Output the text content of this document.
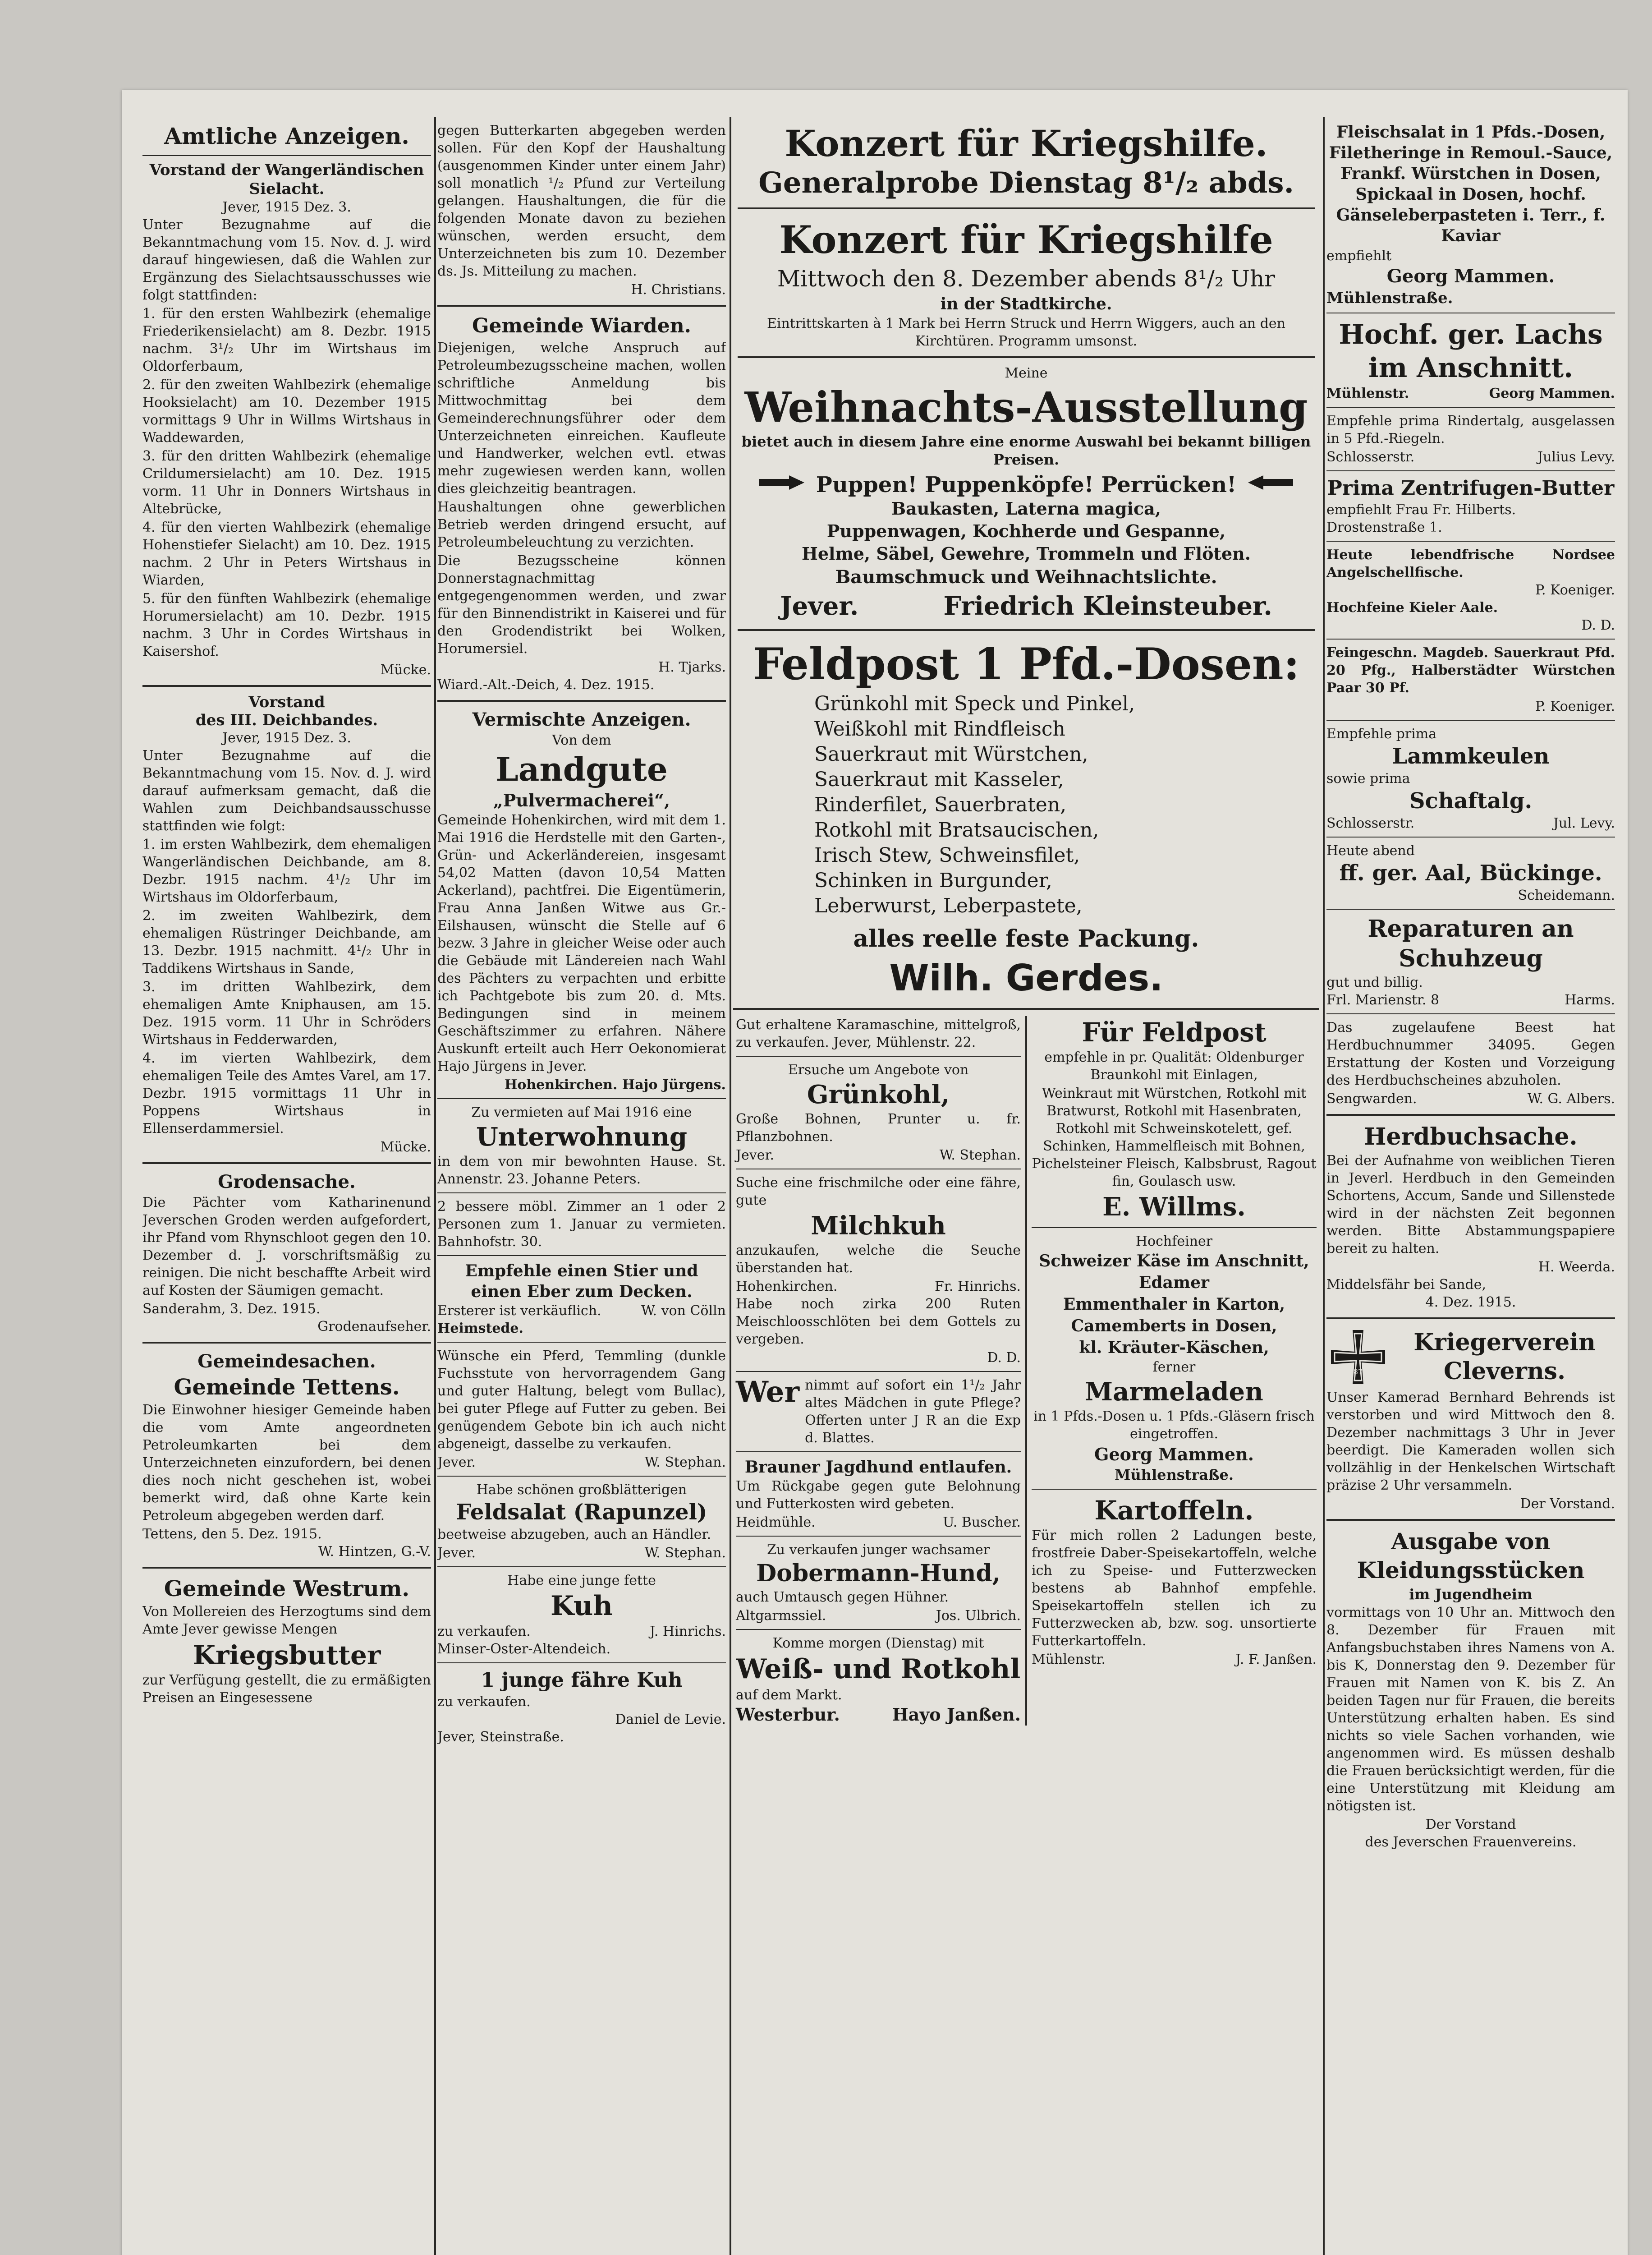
Amtliche Anzeigen.
Vorstand der Wangerländischen Sielacht.
Jever, 1915 Dez. 3.

Unter Bezugnahme auf die Bekanntmachung vom 15. Nov. d. J. wird darauf hingewiesen, daß die Wahlen zur Ergänzung des Sielachtsausschusses wie folgt stattfinden:

1. für den ersten Wahlbezirk (ehemalige Friederikensielacht) am 8. Dezbr. 1915 nachm. 3¹/₂ Uhr im Wirtshaus im Oldorferbaum,

2. für den zweiten Wahlbezirk (ehemalige Hooksielacht) am 10. Dezember 1915 vormittags 9 Uhr in Willms Wirtshaus in Waddewarden,

3. für den dritten Wahlbezirk (ehemalige Crildumersielacht) am 10. Dez. 1915 vorm. 11 Uhr in Donners Wirtshaus in Altebrücke,

4. für den vierten Wahlbezirk (ehemalige Hohenstiefer Sielacht) am 10. Dez. 1915 nachm. 2 Uhr in Peters Wirtshaus in Wiarden,

5. für den fünften Wahlbezirk (ehemalige Horumersielacht) am 10. Dezbr. 1915 nachm. 3 Uhr in Cordes Wirtshaus in Kaisershof.

Mücke.
Vorstand
des III. Deichbandes.
Jever, 1915 Dez. 3.

Unter Bezugnahme auf die Bekanntmachung vom 15. Nov. d. J. wird darauf aufmerksam gemacht, daß die Wahlen zum Deichbandsausschusse stattfinden wie folgt:

1. im ersten Wahlbezirk, dem ehemaligen Wangerländischen Deichbande, am 8. Dezbr. 1915 nachm. 4¹/₂ Uhr im Wirtshaus im Oldorferbaum,

2. im zweiten Wahlbezirk, dem ehemaligen Rüstringer Deichbande, am 13. Dezbr. 1915 nachmitt. 4¹/₂ Uhr in Taddikens Wirtshaus in Sande,

3. im dritten Wahlbezirk, dem ehemaligen Amte Kniphausen, am 15. Dez. 1915 vorm. 11 Uhr in Schröders Wirtshaus in Fedderwarden,

4. im vierten Wahlbezirk, dem ehemaligen Teile des Amtes Varel, am 17. Dezbr. 1915 vormittags 11 Uhr in Poppens Wirtshaus in Ellenserdammersiel.

Mücke.
Grodensache.

Die Pächter vom Katharinenund Jeverschen Groden werden aufgefordert, ihr Pfand vom Rhynschloot gegen den 10. Dezember d. J. vorschriftsmäßig zu reinigen. Die nicht beschaffte Arbeit wird auf Kosten der Säumigen gemacht.

Sanderahm, 3. Dez. 1915.
Grodenaufseher.
Gemeindesachen.
Gemeinde Tettens.

Die Einwohner hiesiger Gemeinde haben die vom Amte angeordneten Petroleumkarten bei dem Unterzeichneten einzufordern, bei denen dies noch nicht geschehen ist, wobei bemerkt wird, daß ohne Karte kein Petroleum abgegeben werden darf.

Tettens, den 5. Dez. 1915.
W. Hintzen, G.-V.
Gemeinde Westrum.

Von Mollereien des Herzogtums sind dem Amte Jever gewisse Mengen

Kriegsbutter

zur Verfügung gestellt, die zu ermäßigten Preisen an Eingesessene

gegen Butterkarten abgegeben werden sollen. Für den Kopf der Haushaltung (ausgenommen Kinder unter einem Jahr) soll monatlich ¹/₂ Pfund zur Verteilung gelangen. Haushaltungen, die für die folgenden Monate davon zu beziehen wünschen, werden ersucht, dem Unterzeichneten bis zum 10. Dezember ds. Js. Mitteilung zu machen.

H. Christians.
Gemeinde Wiarden.

Diejenigen, welche Anspruch auf Petroleumbezugsscheine machen, wollen schriftliche Anmeldung bis Mittwochmittag bei dem Gemeinderechnungsführer oder dem Unterzeichneten einreichen. Kaufleute und Handwerker, welchen evtl. etwas mehr zugewiesen werden kann, wollen dies gleichzeitig beantragen.

Haushaltungen ohne gewerblichen Betrieb werden dringend ersucht, auf Petroleumbeleuchtung zu verzichten.

Die Bezugsscheine können Donnerstagnachmittag entgegengenommen werden, und zwar für den Binnendistrikt in Kaiserei und für den Grodendistrikt bei Wolken, Horumersiel.

H. Tjarks.
Wiard.-Alt.-Deich, 4. Dez. 1915.
Vermischte Anzeigen.
Von dem
Landgute
„Pulvermacherei“,

Gemeinde Hohenkirchen, wird mit dem 1. Mai 1916 die Herdstelle mit den Garten-, Grün- und Ackerländereien, insgesamt 54,02 Matten (davon 10,54 Matten Ackerland), pachtfrei. Die Eigentümerin, Frau Anna Janßen Witwe aus Gr.-Eilshausen, wünscht die Stelle auf 6 bezw. 3 Jahre in gleicher Weise oder auch die Gebäude mit Ländereien nach Wahl des Pächters zu verpachten und erbitte ich Pachtgebote bis zum 20. d. Mts. Bedingungen sind in meinem Geschäftszimmer zu erfahren. Nähere Auskunft erteilt auch Herr Oekonomierat Hajo Jürgens in Jever.

Hohenkirchen. Hajo Jürgens.
Zu vermieten auf Mai 1916 eine
Unterwohnung

in dem von mir bewohnten Hause. St. Annenstr. 23. Johanne Peters.

2 bessere möbl. Zimmer an 1 oder 2 Personen zum 1. Januar zu vermieten. Bahnhofstr. 30.

Empfehle einen Stier und einen Eber zum Decken.
Ersterer ist verkäuflich.	W. von Cölln
Heimstede.

Wünsche ein Pferd, Temmling (dunkle Fuchsstute von hervorragendem Gang und guter Haltung, belegt vom Bullac), bei guter Pflege auf Futter zu geben. Bei genügendem Gebote bin ich auch nicht abgeneigt, dasselbe zu verkaufen.

Jever.	W. Stephan.
Habe schönen großblätterigen
Feldsalat (Rapunzel)

beetweise abzugeben, auch an Händler.

Jever.	W. Stephan.
Habe eine junge fette
Kuh
zu verkaufen.	J. Hinrichs.
Minser-Oster-Altendeich.
1 junge fähre Kuh
zu verkaufen.
Daniel de Levie.
Jever, Steinstraße.
Konzert für Kriegshilfe.
Generalprobe Dienstag 8¹/₂ abds.
Konzert für Kriegshilfe
Mittwoch den 8. Dezember abends 8¹/₂ Uhr
in der Stadtkirche.
Eintrittskarten à 1 Mark bei Herrn Struck und Herrn Wiggers, auch an den Kirchtüren. Programm umsonst.
Meine
Weihnachts-Ausstellung
bietet auch in diesem Jahre eine enorme Auswahl bei bekannt billigen Preisen.
Puppen! Puppenköpfe! Perrücken!
Baukasten, Laterna magica,
Puppenwagen, Kochherde und Gespanne,
Helme, Säbel, Gewehre, Trommeln und Flöten.
Baumschmuck und Weihnachtslichte.
Jever.	Friedrich Kleinsteuber.
Feldpost 1 Pfd.-Dosen:
Grünkohl mit Speck und Pinkel,
Weißkohl mit Rindfleisch
Sauerkraut mit Würstchen,
Sauerkraut mit Kasseler,
Rinderfilet, Sauerbraten,
Rotkohl mit Bratsaucischen,
Irisch Stew, Schweinsfilet,
Schinken in Burgunder,
Leberwurst, Leberpastete,
alles reelle feste Packung.
Wilh. Gerdes.

Gut erhaltene Karamaschine, mittelgroß, zu verkaufen. Jever, Mühlenstr. 22.

Ersuche um Angebote von
Grünkohl,

Große Bohnen, Prunter u. fr. Pflanzbohnen.

Jever.	W. Stephan.

Suche eine frischmilche oder eine fähre, gute

Milchkuh

anzukaufen, welche die Seuche überstanden hat.

Hohenkirchen.	Fr. Hinrichs.

Habe noch zirka 200 Ruten Meischloosschlöten bei dem Gottels zu vergeben.

D. D.
Wer nimmt auf sofort ein 1¹/₂ Jahr altes Mädchen in gute Pflege? Offerten unter J R an die Exp d. Blattes.
Brauner Jagdhund entlaufen.

Um Rückgabe gegen gute Belohnung und Futterkosten wird gebeten.

Heidmühle.	U. Buscher.
Zu verkaufen junger wachsamer
Dobermann-Hund,

auch Umtausch gegen Hühner.

Altgarmssiel.	Jos. Ulbrich.
Komme morgen (Dienstag) mit
Weiß- und Rotkohl
auf dem Markt.
Westerbur.	Hayo Janßen.
Für Feldpost

empfehle in pr. Qualität: Oldenburger Braunkohl mit Einlagen,

Weinkraut mit Würstchen, Rotkohl mit Bratwurst, Rotkohl mit Hasenbraten, Rotkohl mit Schweinskotelett, gef. Schinken, Hammelfleisch mit Bohnen, Pichelsteiner Fleisch, Kalbsbrust, Ragout fin, Goulasch usw.

E. Willms.
Hochfeiner
Schweizer Käse im Anschnitt,
Edamer
Emmenthaler in Karton,
Camemberts in Dosen,
kl. Kräuter-Käschen,
ferner
Marmeladen

in 1 Pfds.-Dosen u. 1 Pfds.-Gläsern frisch eingetroffen.

Georg Mammen.
Mühlenstraße.
Kartoffeln.

Für mich rollen 2 Ladungen beste, frostfreie Daber-Speisekartoffeln, welche ich zu Speise- und Futterzwecken bestens ab Bahnhof empfehle. Speisekartoffeln stellen ich zu Futterzwecken ab, bzw. sog. unsortierte Futterkartoffeln.

Mühlenstr.	J. F. Janßen.

Fleischsalat in 1 Pfds.-Dosen, Filetheringe in Remoul.-Sauce, Frankf. Würstchen in Dosen, Spickaal in Dosen, hochf. Gänseleberpasteten i. Terr., f. Kaviar

empfiehlt
Georg Mammen.
Mühlenstraße.
Hochf. ger. Lachs im Anschnitt.
Mühlenstr.	Georg Mammen.

Empfehle prima Rindertalg, ausgelassen in 5 Pfd.-Riegeln.

Schlosserstr.	Julius Levy.
Prima Zentrifugen-Butter
empfiehlt Frau Fr. Hilberts.
Drostenstraße 1.
Heute lebendfrische Nordsee Angelschellfische.
P. Koeniger.
Hochfeine Kieler Aale.
D. D.

Feingeschn. Magdeb. Sauerkraut Pfd. 20 Pfg., Halberstädter Würstchen Paar 30 Pf.

P. Koeniger.
Empfehle prima
Lammkeulen
sowie prima
Schaftalg.
Schlosserstr.	Jul. Levy.
Heute abend
ff. ger. Aal, Bückinge.
Scheidemann.
Reparaturen an Schuhzeug
gut und billig.
Frl. Marienstr. 8	Harms.

Das zugelaufene Beest hat Herdbuchnummer 34095. Gegen Erstattung der Kosten und Vorzeigung des Herdbuchscheines abzuholen.

Sengwarden.	W. G. Albers.
Herdbuchsache.

Bei der Aufnahme von weiblichen Tieren in Jeverl. Herdbuch in den Gemeinden Schortens, Accum, Sande und Sillenstede wird in der nächsten Zeit begonnen werden. Bitte Abstammungspapiere bereit zu halten.

H. Weerda.
Middelsfähr bei Sande,
4. Dez. 1915.
1870
Kriegerverein Cleverns.

Unser Kamerad Bernhard Behrends ist verstorben und wird Mittwoch den 8. Dezember nachmittags 3 Uhr in Jever beerdigt. Die Kameraden wollen sich vollzählig in der Henkelschen Wirtschaft präzise 2 Uhr versammeln.

Der Vorstand.
Ausgabe von Kleidungsstücken
im Jugendheim

vormittags von 10 Uhr an. Mittwoch den 8. Dezember für Frauen mit Anfangsbuchstaben ihres Namens von A. bis K, Donnerstag den 9. Dezember für Frauen mit Namen von K. bis Z. An beiden Tagen nur für Frauen, die bereits Unterstützung erhalten haben. Es sind nichts so viele Sachen vorhanden, wie angenommen wird. Es müssen deshalb die Frauen berücksichtigt werden, für die eine Unterstützung mit Kleidung am nötigsten ist.

Der Vorstand
des Jeverschen Frauenvereins.
